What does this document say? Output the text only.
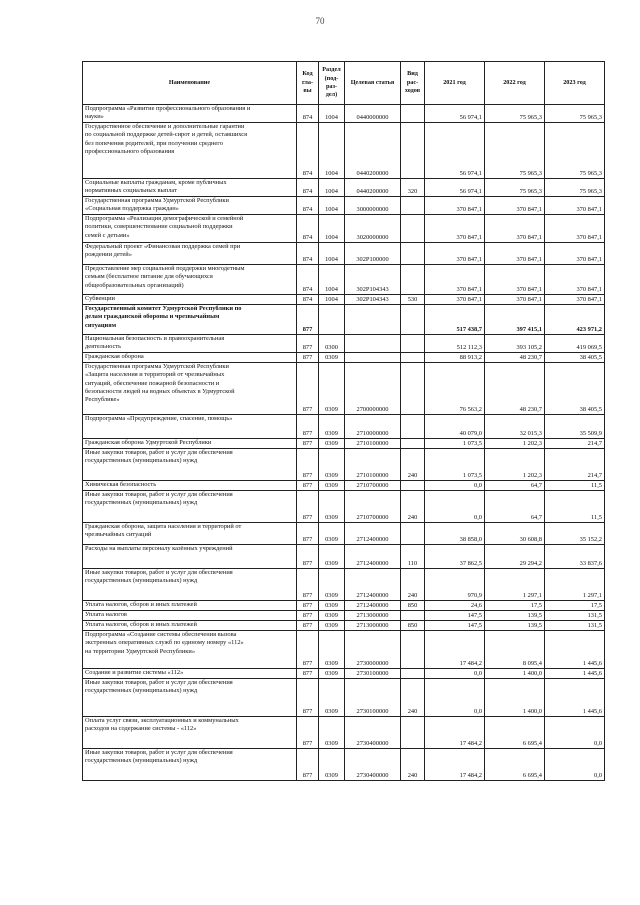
70
Наименование	Код гла-вы	Раздел (под-раз-дел)	Целевая статья	Вид рас-ходов	2021 год	2022 год	2023 год
Подпрограмма «Развитие профессионального образования и
науки»	874	1004	0440000000		56 974,1	75 965,3	75 965,3
Государственное обеспечение и дополнительные гарантии
по социальной поддержке детей-сирот и детей, оставшихся
без попечения родителей, при получении среднего
профессионального образования	874	1004	0440200000		56 974,1	75 965,3	75 965,3
Социальные выплаты гражданам, кроме публичных
нормативных социальных выплат	874	1004	0440200000	320	56 974,1	75 965,3	75 965,3
Государственная программа Удмуртской Республики
«Социальная поддержка граждан»	874	1004	3000000000		370 847,1	370 847,1	370 847,1
Подпрограмма «Реализация демографической и семейной
политики, совершенствование социальной поддержки
семей с детьми»	874	1004	3020000000		370 847,1	370 847,1	370 847,1
Федеральный проект «Финансовая поддержка семей при
рождении детей»	874	1004	302Р100000		370 847,1	370 847,1	370 847,1
Предоставление мер социальной поддержки многодетным
семьям (бесплатное питание для обучающихся
общеобразовательных организаций)	874	1004	302Р104343		370 847,1	370 847,1	370 847,1
Субвенции	874	1004	302Р104343	530	370 847,1	370 847,1	370 847,1
Государственный комитет Удмуртской Республики по
делам гражданской обороны и чрезвычайным
ситуациям	877				517 438,7	397 415,1	423 971,2
Национальная безопасность и правоохранительная
деятельность	877	0300			512 112,3	393 105,2	419 069,5
Гражданская оборона	877	0309			88 913,2	48 230,7	38 405,5
Государственная программа Удмуртской Республики
«Защита населения и территорий от чрезвычайных
ситуаций, обеспечение пожарной безопасности и
безопасности людей на водных объектах в Удмуртской
Республике»	877	0309	2700000000		76 563,2	48 230,7	38 405,5
Подпрограмма «Предупреждение, спасение, помощь»	877	0309	2710000000		40 079,0	32 015,3	35 509,9
Гражданская оборона Удмуртской Республики	877	0309	2710100000		1 073,5	1 202,3	214,7
Иные закупки товаров, работ и услуг для обеспечения
государственных (муниципальных) нужд	877	0309	2710100000	240	1 073,5	1 202,3	214,7
Химическая безопасность	877	0309	2710700000		0,0	64,7	11,5
Иные закупки товаров, работ и услуг для обеспечения
государственных (муниципальных) нужд	877	0309	2710700000	240	0,0	64,7	11,5
Гражданская оборона, защита населения и территорий от
чрезвычайных ситуаций	877	0309	2712400000		38 858,0	30 608,8	35 152,2
Расходы на выплаты персоналу казённых учреждений	877	0309	2712400000	110	37 862,5	29 294,2	33 837,6
Иные закупки товаров, работ и услуг для обеспечения
государственных (муниципальных) нужд	877	0309	2712400000	240	970,9	1 297,1	1 297,1
Уплата налогов, сборов и иных платежей	877	0309	2712400000	850	24,6	17,5	17,5
Уплата налогов	877	0309	2713000000		147,5	139,5	131,5
Уплата налогов, сборов и иных платежей	877	0309	2713000000	850	147,5	139,5	131,5
Подпрограмма «Создание системы обеспечения вызова
экстренных оперативных служб по единому номеру «112»
на территории Удмуртской Республики»	877	0309	2730000000		17 484,2	8 095,4	1 445,6
Создание и развитие системы «112»	877	0309	2730100000		0,0	1 400,0	1 445,6
Иные закупки товаров, работ и услуг для обеспечения
государственных (муниципальных) нужд	877	0309	2730100000	240	0,0	1 400,0	1 445,6
Оплата услуг связи, эксплуатационных и коммунальных
расходов на содержание системы - «112»	877	0309	2730400000		17 484,2	6 695,4	0,0
Иные закупки товаров, работ и услуг для обеспечения
государственных (муниципальных) нужд	877	0309	2730400000	240	17 484,2	6 695,4	0,0
